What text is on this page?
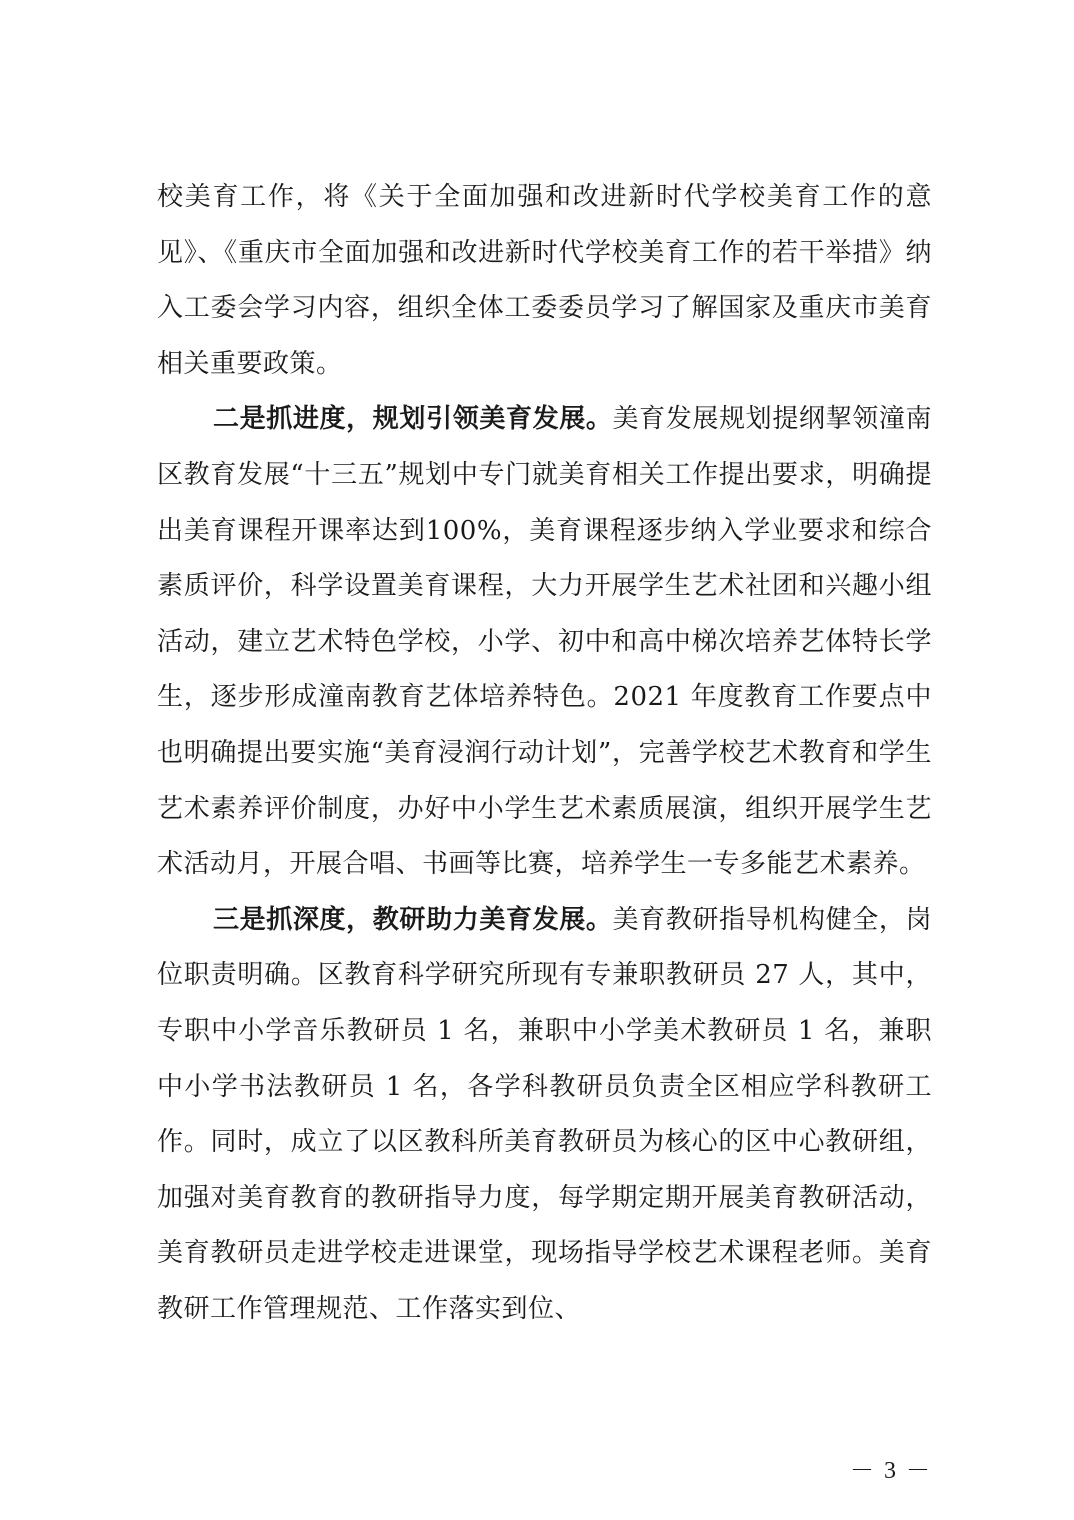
校美育工作，将《关于全面加强和改进新时代学校美育工作的意见》、《重庆市全面加强和改进新时代学校美育工作的若干举措》纳入工委会学习内容，组织全体工委委员学习了解国家及重庆市美育相关重要政策。

二是抓进度，规划引领美育发展。美育发展规划提纲挈领潼南区教育发展“十三五”规划中专门就美育相关工作提出要求，明确提出美育课程开课率达到100%，美育课程逐步纳入学业要求和综合素质评价，科学设置美育课程，大力开展学生艺术社团和兴趣小组活动，建立艺术特色学校，小学、初中和高中梯次培养艺体特长学生，逐步形成潼南教育艺体培养特色。2021 年度教育工作要点中也明确提出要实施“美育浸润行动计划”，完善学校艺术教育和学生艺术素养评价制度，办好中小学生艺术素质展演，组织开展学生艺术活动月，开展合唱、书画等比赛，培养学生一专多能艺术素养。

三是抓深度，教研助力美育发展。美育教研指导机构健全，岗位职责明确。区教育科学研究所现有专兼职教研员 27 人，其中，专职中小学音乐教研员 1 名，兼职中小学美术教研员 1 名，兼职中小学书法教研员 1 名，各学科教研员负责全区相应学科教研工作。同时，成立了以区教科所美育教研员为核心的区中心教研组，加强对美育教育的教研指导力度，每学期定期开展美育教研活动，美育教研员走进学校走进课堂，现场指导学校艺术课程老师。美育教研工作管理规范、工作落实到位、

－ 3 －
